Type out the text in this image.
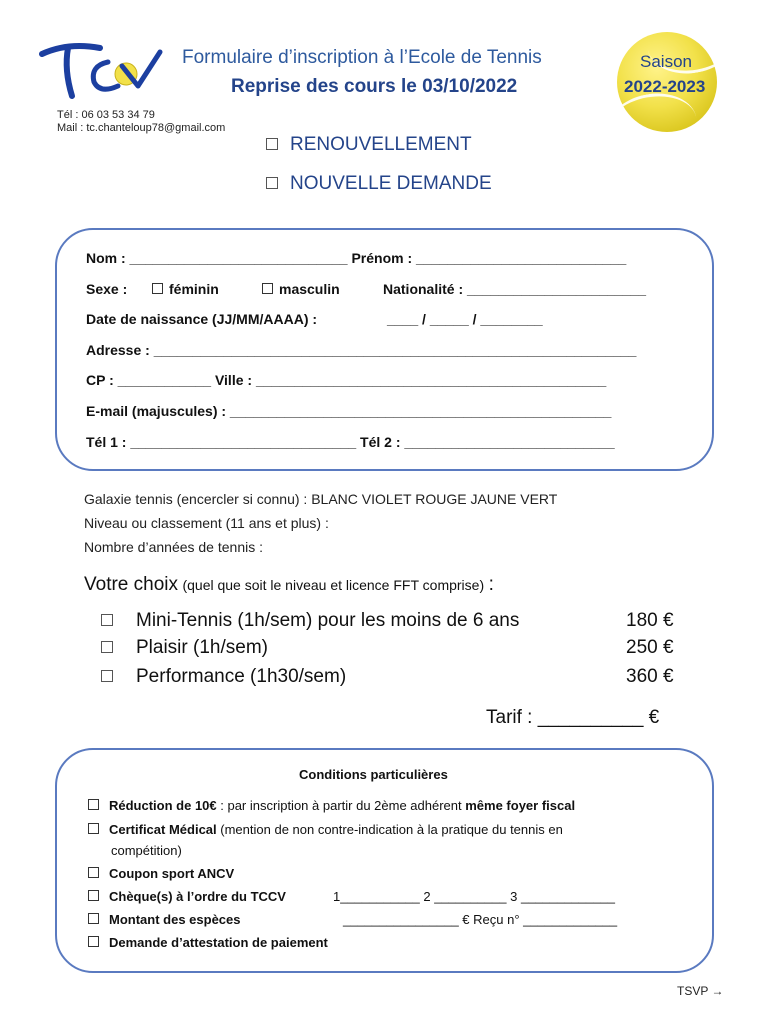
Formulaire d’inscription à l’Ecole de Tennis
Reprise des cours le 03/10/2022
Tél : 06 03 53 34 79
Mail : tc.chanteloup78@gmail.com
Saison
2022-2023
RENOUVELLEMENT
NOUVELLE DEMANDE
Nom : ____________________________ Prénom : ___________________________
Sexe :	féminin	masculin	Nationalité : _______________________
Date de naissance (JJ/MM/AAAA) :	____ / _____ / ________
Adresse : ______________________________________________________________
CP : ____________ Ville : _____________________________________________
E-mail (majuscules) : _________________________________________________
Tél 1 : _____________________________ Tél 2 : ___________________________
Galaxie tennis (encercler si connu) : BLANC VIOLET ROUGE JAUNE VERT
Niveau ou classement (11 ans et plus) :
Nombre d’années de tennis :
Votre choix (quel que soit le niveau et licence FFT comprise) :
Mini-Tennis (1h/sem) pour les moins de 6 ans	180 €
Plaisir (1h/sem)	250 €
Performance (1h30/sem)	360 €
Tarif : __________ €
Conditions particulières
Réduction de 10€ : par inscription à partir du 2ème adhérent même foyer fiscal
Certificat Médical (mention de non contre-indication à la pratique du tennis en
compétition)
Coupon sport ANCV
Chèque(s) à l’ordre du TCCV	1___________ 2 __________ 3 _____________
Montant des espèces	________________ € Reçu n° _____________
Demande d’attestation de paiement
TSVP →
